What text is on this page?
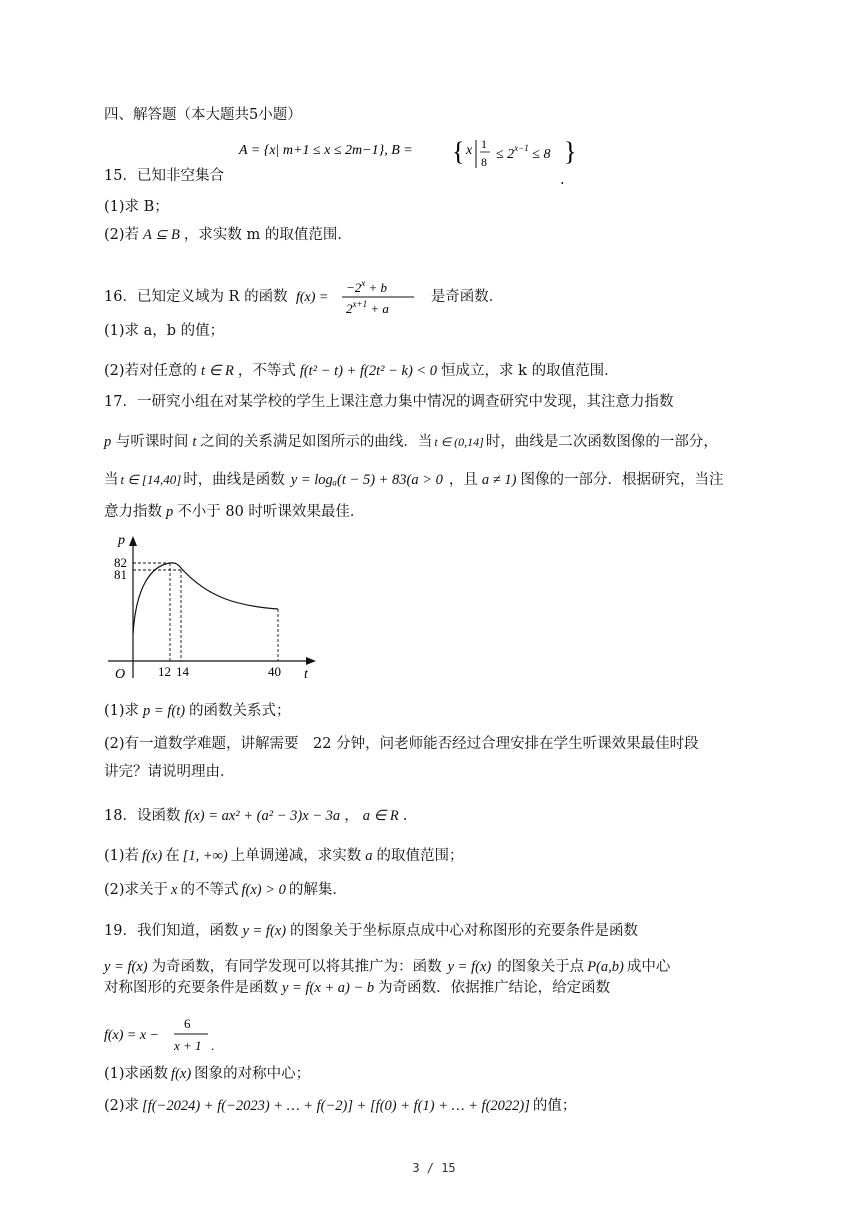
四、解答题（本大题共5小题）
A = {x| m+1 ≤ x ≤ 2m−1}, B = { x 1
$8 \le 2^{x-1} \le 8$ }
15．已知非空集合	.
(1)求 B；
(2)若 A ⊆ B ，求实数 m 的取值范围．
16．已知定义域为 R 的函数 f(x) =
$-2^x + b$
$2^{x+1} + a$
是奇函数．
(1)求 a，b 的值；
(2)若对任意的 t ∈ R ，不等式 f(t² − t) + f(2t² − k) < 0 恒成立，求 k 的取值范围．
17．一研究小组在对某学校的学生上课注意力集中情况的调查研究中发现，其注意力指数
p 与听课时间 t 之间的关系满足如图所示的曲线．当 t ∈ (0,14] 时，曲线是二次函数图像的一部分，
当 t ∈ [14,40] 时，曲线是函数 y = logₐ(t − 5) + 83(a > 0 ，且 a ≠ 1) 图像的一部分．根据研究，当注
意力指数 p 不小于 80 时听课效果最佳．
p
t
O
82
81
12 14	40
(1)求 p = f(t) 的函数关系式；
(2)有一道数学难题，讲解需要　22 分钟，问老师能否经过合理安排在学生听课效果最佳时段
讲完？请说明理由．
18．设函数 f(x) = ax² + (a² − 3)x − 3a ， a ∈ R .
(1)若 f(x) 在 [1, +∞) 上单调递减，求实数 a 的取值范围；
(2)求关于 x 的不等式 f(x) > 0 的解集．
19．我们知道，函数 y = f(x) 的图象关于坐标原点成中心对称图形的充要条件是函数
y = f(x) 为奇函数，有同学发现可以将其推广为：函数 y = f(x) 的图象关于点 P(a,b) 成中心
对称图形的充要条件是函数 y = f(x + a) − b 为奇函数．依据推广结论，给定函数
f(x) = x −
6
x + 1 .
(1)求函数 f(x) 图象的对称中心；
(2)求 [f(−2024) + f(−2023) + … + f(−2)] + [f(0) + f(1) + … + f(2022)] 的值；
3 / 15
